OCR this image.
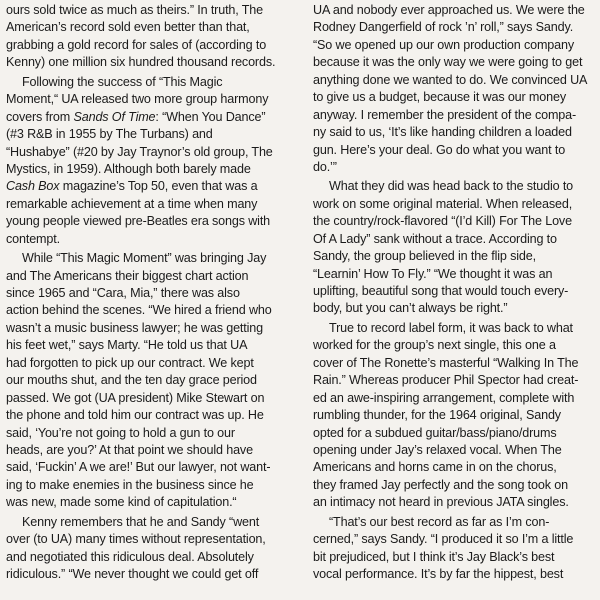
ours sold twice as much as theirs.” In truth, The
American’s record sold even better than that,
grabbing a gold record for sales of (according to
Kenny) one million six hundred thousand records.
Following the success of “This Magic
Moment,“ UA released two more group harmony
covers from Sands Of Time: “When You Dance”
(#3 R&B in 1955 by The Turbans) and
“Hushabye” (#20 by Jay Traynor’s old group, The
Mystics, in 1959). Although both barely made
Cash Box magazine’s Top 50, even that was a
remarkable achievement at a time when many
young people viewed pre-Beatles era songs with
contempt.
While “This Magic Moment” was bringing Jay
and The Americans their biggest chart action
since 1965 and “Cara, Mia,” there was also
action behind the scenes. “We hired a friend who
wasn’t a music business lawyer; he was getting
his feet wet,” says Marty. “He told us that UA
had forgotten to pick up our contract. We kept
our mouths shut, and the ten day grace period
passed. We got (UA president) Mike Stewart on
the phone and told him our contract was up. He
said, ‘You’re not going to hold a gun to our
heads, are you?’ At that point we should have
said, ‘Fuckin’ A we are!’ But our lawyer, not want-
ing to make enemies in the business since he
was new, made some kind of capitulation.“
Kenny remembers that he and Sandy “went
over (to UA) many times without representation,
and negotiated this ridiculous deal. Absolutely
ridiculous.” “We never thought we could get off
UA and nobody ever approached us. We were the
Rodney Dangerfield of rock ’n’ roll,” says Sandy.
“So we opened up our own production company
because it was the only way we were going to get
anything done we wanted to do. We convinced UA
to give us a budget, because it was our money
anyway. I remember the president of the compa-
ny said to us, ‘It’s like handing children a loaded
gun. Here’s your deal. Go do what you want to
do.’”
What they did was head back to the studio to
work on some original material. When released,
the country/rock-flavored “(I’d Kill) For The Love
Of A Lady” sank without a trace. According to
Sandy, the group believed in the flip side,
“Learnin’ How To Fly.” “We thought it was an
uplifting, beautiful song that would touch every-
body, but you can’t always be right.”
True to record label form, it was back to what
worked for the group’s next single, this one a
cover of The Ronette’s masterful “Walking In The
Rain.” Whereas producer Phil Spector had creat-
ed an awe-inspiring arrangement, complete with
rumbling thunder, for the 1964 original, Sandy
opted for a subdued guitar/bass/piano/drums
opening under Jay’s relaxed vocal. When The
Americans and horns came in on the chorus,
they framed Jay perfectly and the song took on
an intimacy not heard in previous JATA singles.
“That’s our best record as far as I’m con-
cerned,” says Sandy. “I produced it so I’m a little
bit prejudiced, but I think it’s Jay Black’s best
vocal performance. It’s by far the hippest, best
